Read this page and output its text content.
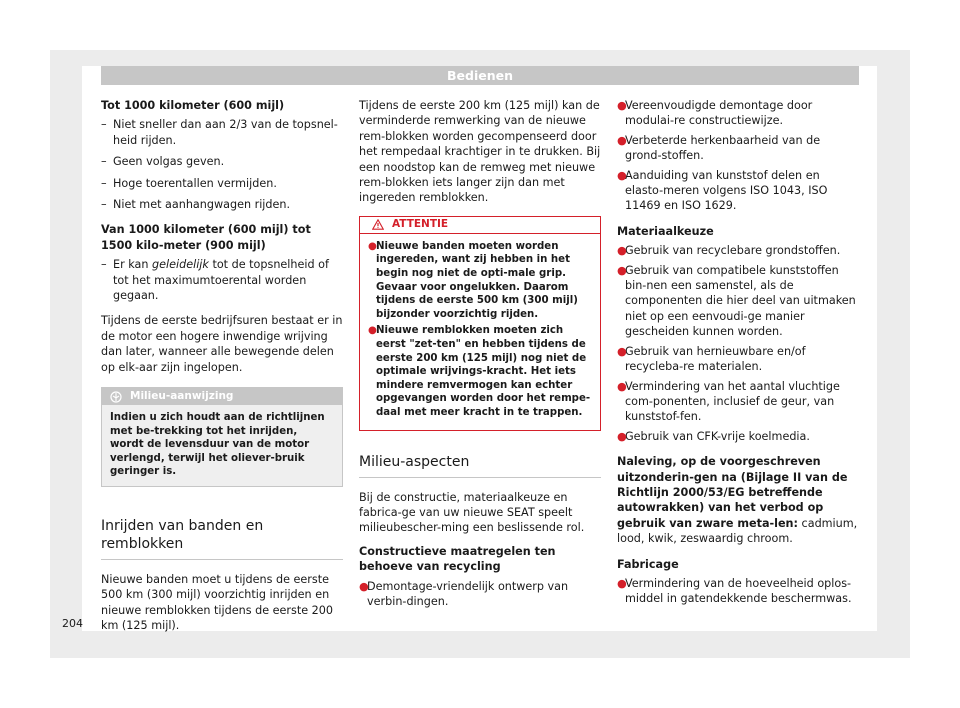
Bedienen
Tot 1000 kilometer (600 mijl)
– Niet sneller dan aan 2/3 van de topsnel-heid rijden.
– Geen volgas geven.
– Hoge toerentallen vermijden.
– Niet met aanhangwagen rijden.
Van 1000 kilometer (600 mijl) tot 1500 kilo-meter (900 mijl)
– Er kan geleidelijk tot de topsnelheid of tot het maximumtoerental worden gegaan.
Tijdens de eerste bedrijfsuren bestaat er in de motor een hogere inwendige wrijving dan later, wanneer alle bewegende delen op elk-aar zijn ingelopen.
Milieu-aanwijzing
Indien u zich houdt aan de richtlijnen met be-trekking tot het inrijden, wordt de levensduur van de motor verlengd, terwijl het oliever-bruik geringer is.
Inrijden van banden en remblokken
Nieuwe banden moet u tijdens de eerste 500 km (300 mijl) voorzichtig inrijden en nieuwe remblokken tijdens de eerste 200 km (125 mijl).
Tijdens de eerste 200 km (125 mijl) kan de verminderde remwerking van de nieuwe rem-blokken worden gecompenseerd door het rempedaal krachtiger in te drukken. Bij een noodstop kan de remweg met nieuwe rem-blokken iets langer zijn dan met ingereden remblokken.
ATTENTIE
● Nieuwe banden moeten worden ingereden, want zij hebben in het begin nog niet de opti-male grip. Gevaar voor ongelukken. Daarom tijdens de eerste 500 km (300 mijl) bijzonder voorzichtig rijden.
● Nieuwe remblokken moeten zich eerst "zet-ten" en hebben tijdens de eerste 200 km (125 mijl) nog niet de optimale wrijvings-kracht. Het iets mindere remvermogen kan echter opgevangen worden door het rempe-daal met meer kracht in te trappen.
Milieu-aspecten
Bij de constructie, materiaalkeuze en fabrica-ge van uw nieuwe SEAT speelt milieubescher-ming een beslissende rol.
Constructieve maatregelen ten behoeve van recycling
●
Demontage-vriendelijk ontwerp van verbin-dingen.
●
Vereenvoudigde demontage door modulai-re constructiewijze.
●
Verbeterde herkenbaarheid van de grond-stoffen.
●
Aanduiding van kunststof delen en elasto-meren volgens ISO 1043, ISO 11469 en ISO 1629.
Materiaalkeuze
●
Gebruik van recyclebare grondstoffen.
●
Gebruik van compatibele kunststoffen bin-nen een samenstel, als de componenten die hier deel van uitmaken niet op een eenvoudi-ge manier gescheiden kunnen worden.
●
Gebruik van hernieuwbare en/of recycleba-re materialen.
●
Vermindering van het aantal vluchtige com-ponenten, inclusief de geur, van kunststof-fen.
●
Gebruik van CFK-vrije koelmedia.
Naleving, op de voorgeschreven uitzonderin-gen na (Bijlage II van de Richtlijn 2000/53/EG betreffende autowrakken) van het verbod op gebruik van zware meta-len: cadmium, lood, kwik, zeswaardig chroom.
Fabricage
●
Vermindering van de hoeveelheid oplos-middel in gatendekkende beschermwas.
204
